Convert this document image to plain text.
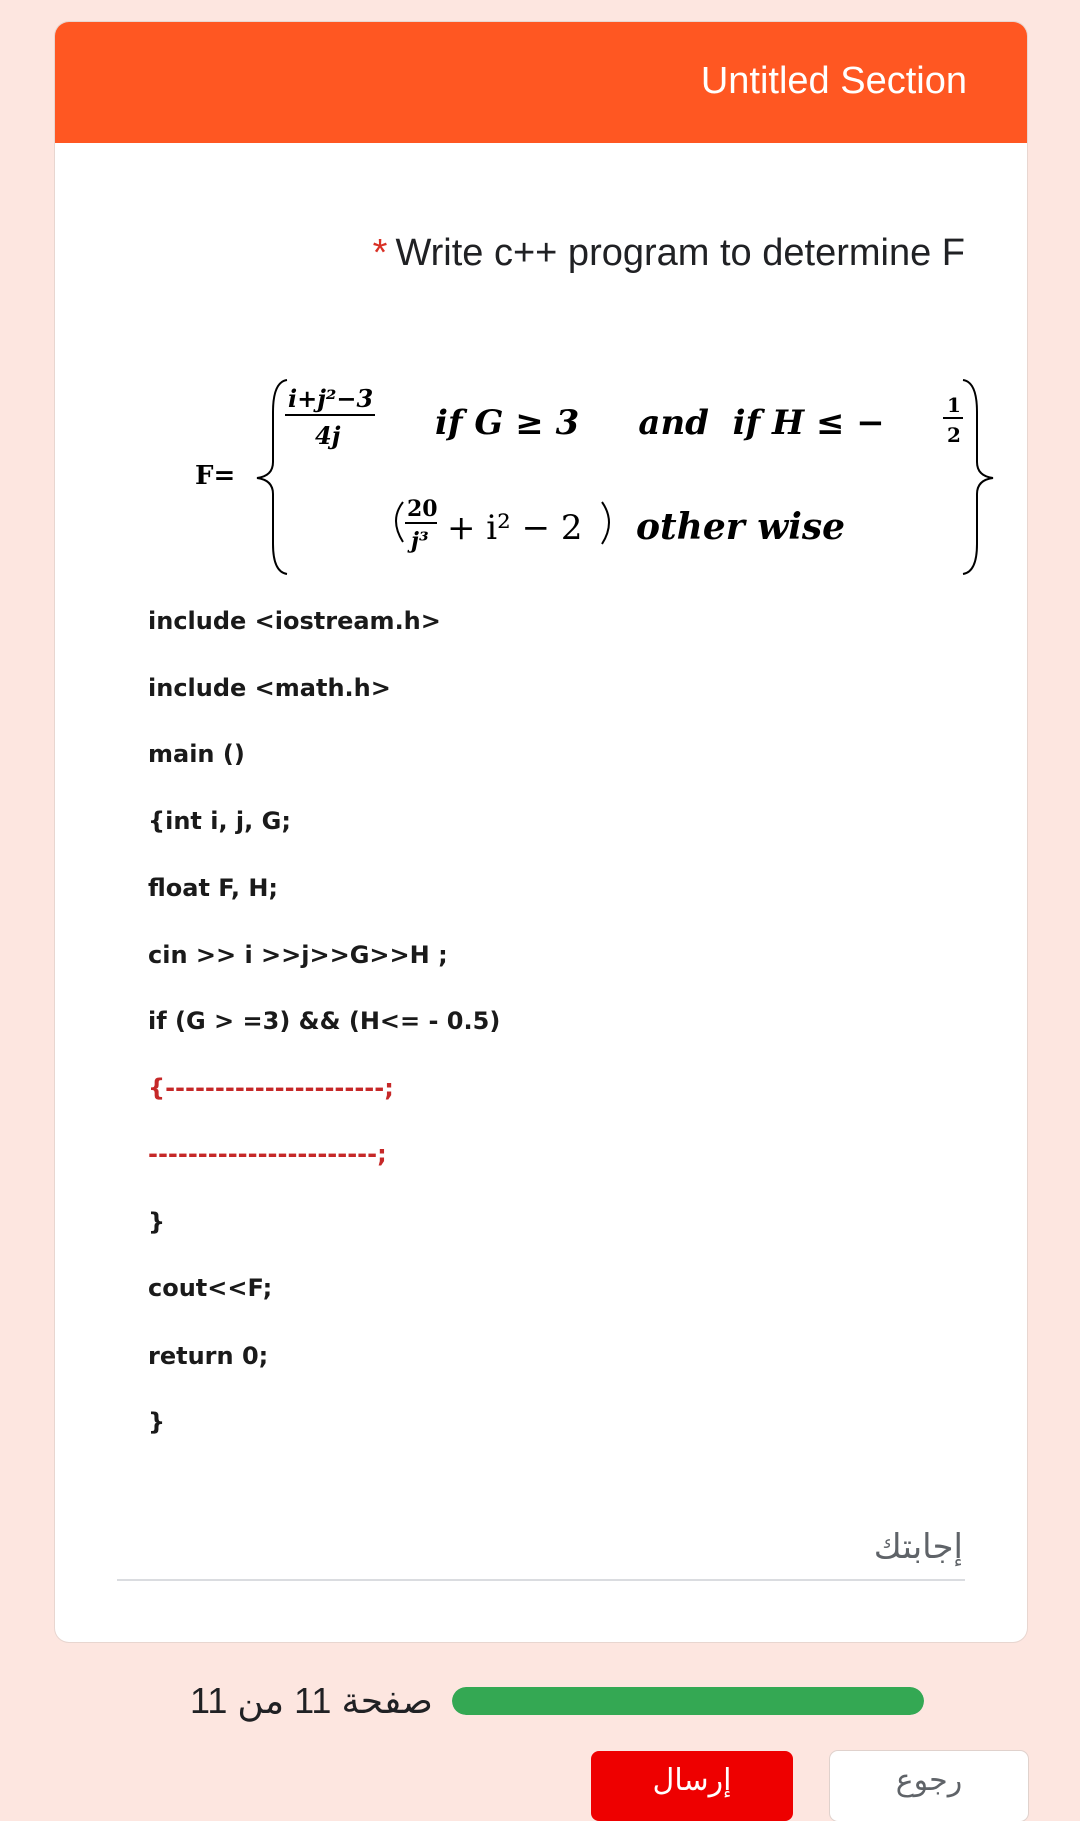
Untitled Section
* Write c++ program to determine F
F=
i+j²−3
4j	if G ≥ 3     and  if H ≤ −	1
2
20
j³ + i² − 2 other wise
include <iostream.h>
include <math.h>
main ()
{int i, j, G;
float F, H;
cin >> i >>j>>G>>H ;
if (G > =3) && (H<= - 0.5)
{----------------------;
-----------------------;
}
cout<<F;
return 0;
}
إجابتك
صفحة 11 من 11
إرسال	رجوع
